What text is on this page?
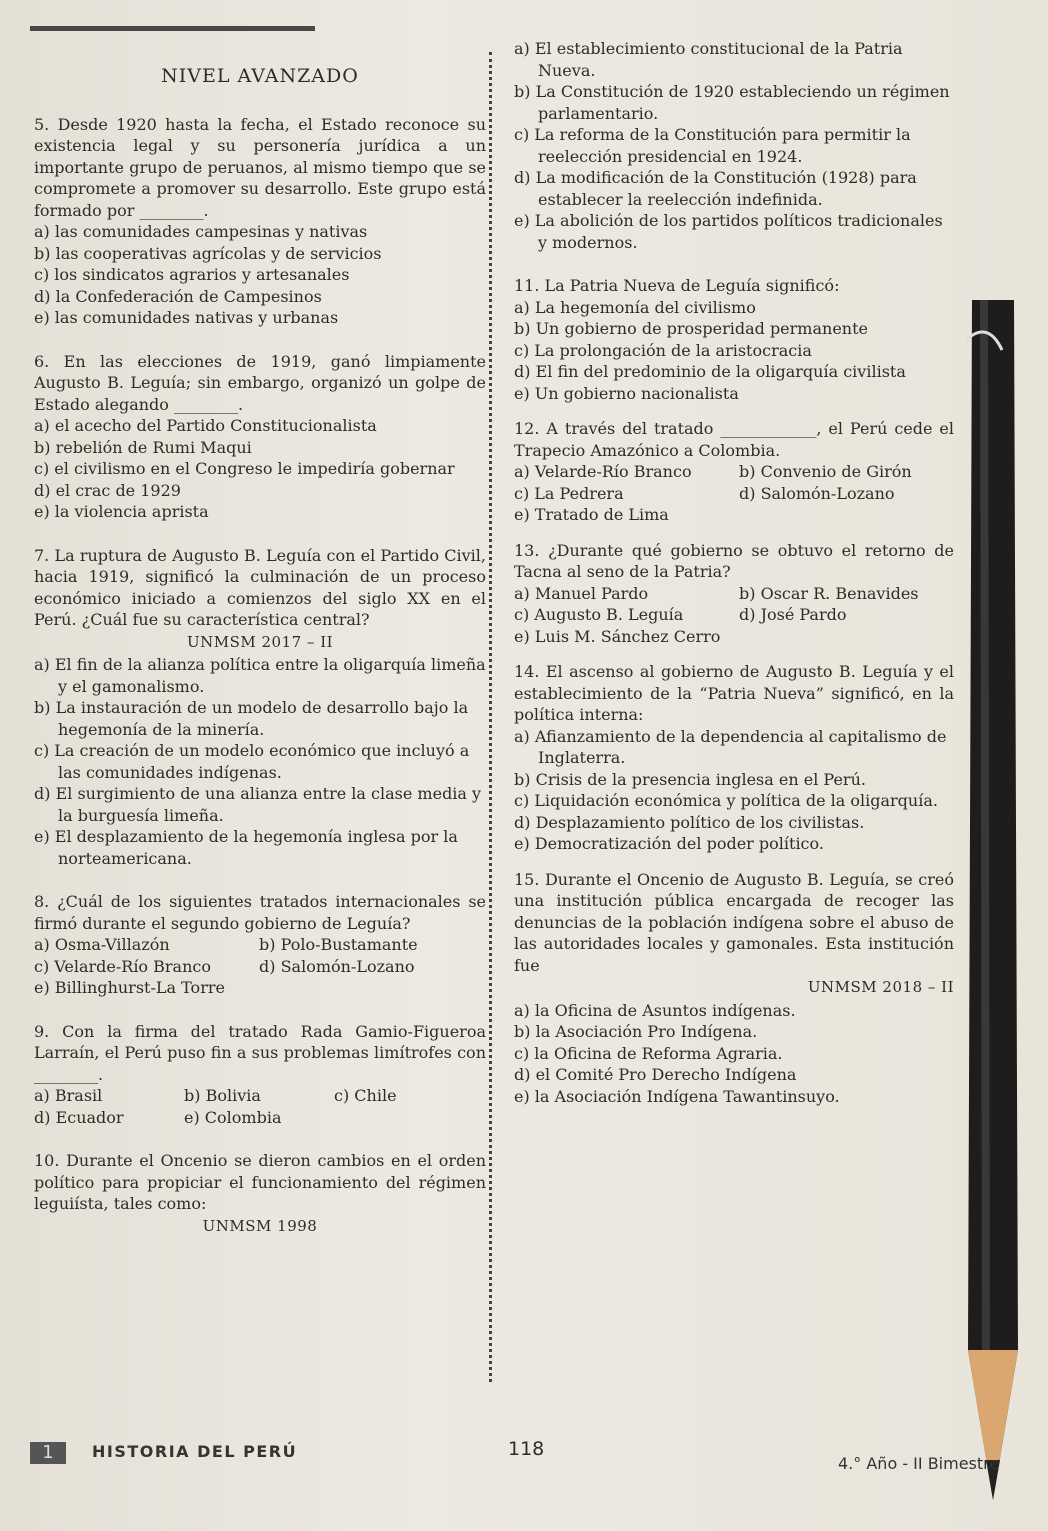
NIVEL AVANZADO
5. Desde 1920 hasta la fecha, el Estado reconoce su existencia legal y su personería jurídica a un importante grupo de peruanos, al mismo tiempo que se compromete a promover su desarrollo. Este grupo está formado por ________.
a) las comunidades campesinas y nativas
b) las cooperativas agrícolas y de servicios
c) los sindicatos agrarios y artesanales
d) la Confederación de Campesinos
e) las comunidades nativas y urbanas
6. En las elecciones de 1919, ganó limpiamente Augusto B. Leguía; sin embargo, organizó un golpe de Estado alegando ________.
a) el acecho del Partido Constitucionalista
b) rebelión de Rumi Maqui
c) el civilismo en el Congreso le impediría gobernar
d) el crac de 1929
e) la violencia aprista
7. La ruptura de Augusto B. Leguía con el Partido Civil, hacia 1919, significó la culminación de un proceso económico iniciado a comienzos del siglo XX en el Perú. ¿Cuál fue su característica central?
UNMSM 2017 – II
a) El fin de la alianza política entre la oligarquía limeña y el gamonalismo.
b) La instauración de un modelo de desarrollo bajo la hegemonía de la minería.
c) La creación de un modelo económico que incluyó a las comunidades indígenas.
d) El surgimiento de una alianza entre la clase media y la burguesía limeña.
e) El desplazamiento de la hegemonía inglesa por la norteamericana.
8. ¿Cuál de los siguientes tratados internacionales se firmó durante el segundo gobierno de Leguía?
a) Osma-Villazón	b) Polo-Bustamante
c) Velarde-Río Branco	d) Salomón-Lozano
e) Billinghurst-La Torre
9. Con la firma del tratado Rada Gamio-Figueroa Larraín, el Perú puso fin a sus problemas limítrofes con ________.
a) Brasil	b) Bolivia	c) Chile
d) Ecuador	e) Colombia
10. Durante el Oncenio se dieron cambios en el orden político para propiciar el funcionamiento del régimen leguiísta, tales como:
UNMSM 1998
a) El establecimiento constitucional de la Patria Nueva.
b) La Constitución de 1920 estableciendo un régimen parlamentario.
c) La reforma de la Constitución para permitir la reelección presidencial en 1924.
d) La modificación de la Constitución (1928) para establecer la reelección indefinida.
e) La abolición de los partidos políticos tradicionales y modernos.
11. La Patria Nueva de Leguía significó:
a) La hegemonía del civilismo
b) Un gobierno de prosperidad permanente
c) La prolongación de la aristocracia
d) El fin del predominio de la oligarquía civilista
e) Un gobierno nacionalista
12. A través del tratado ____________, el Perú cede el Trapecio Amazónico a Colombia.
a) Velarde-Río Branco	b) Convenio de Girón
c) La Pedrera	d) Salomón-Lozano
e) Tratado de Lima
13. ¿Durante qué gobierno se obtuvo el retorno de Tacna al seno de la Patria?
a) Manuel Pardo	b) Oscar R. Benavides
c) Augusto B. Leguía	d) José Pardo
e) Luis M. Sánchez Cerro
14. El ascenso al gobierno de Augusto B. Leguía y el establecimiento de la “Patria Nueva” significó, en la política interna:
a) Afianzamiento de la dependencia al capitalismo de Inglaterra.
b) Crisis de la presencia inglesa en el Perú.
c) Liquidación económica y política de la oligarquía.
d) Desplazamiento político de los civilistas.
e) Democratización del poder político.
15. Durante el Oncenio de Augusto B. Leguía, se creó una institución pública encargada de recoger las denuncias de la población indígena sobre el abuso de las autoridades locales y gamonales. Esta institución fue
UNMSM 2018 – II
a) la Oficina de Asuntos indígenas.
b) la Asociación Pro Indígena.
c) la Oficina de Reforma Agraria.
d) el Comité Pro Derecho Indígena
e) la Asociación Indígena Tawantinsuyo.
1	HISTORIA DEL PERÚ	118
4.° Año - II Bimestre
